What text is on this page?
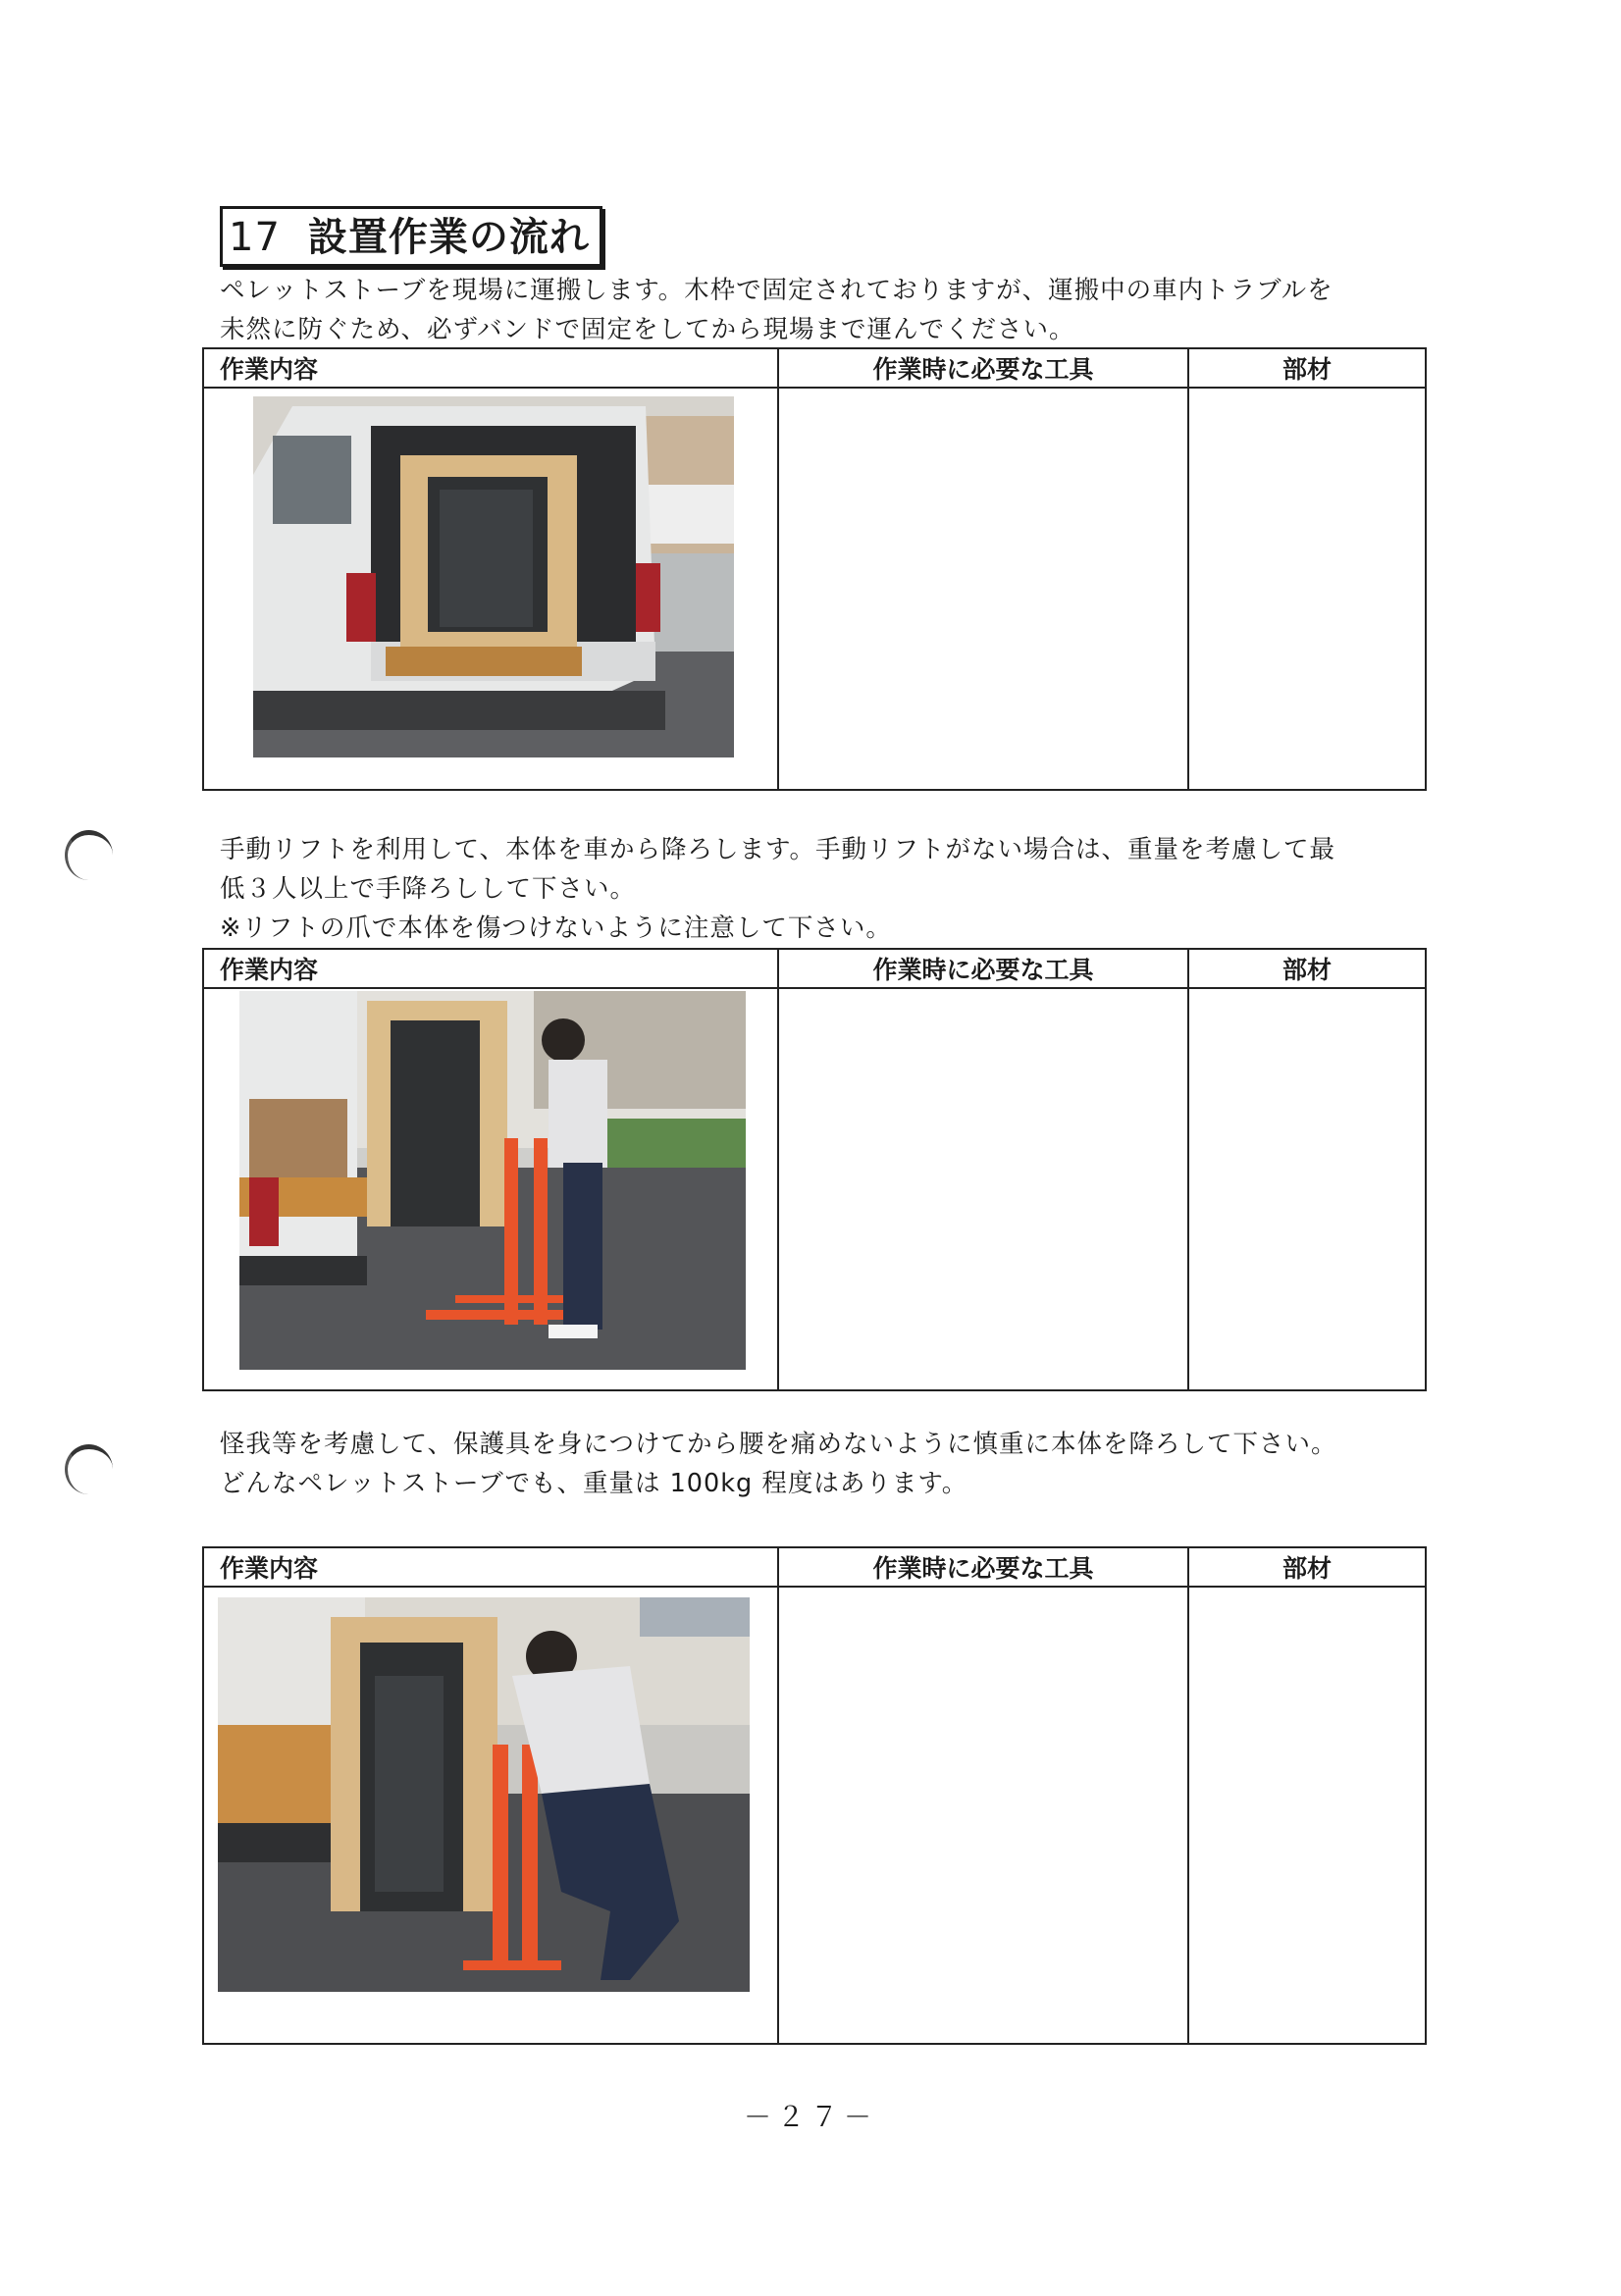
17 設置作業の流れ
ペレットストーブを現場に運搬します。木枠で固定されておりますが、運搬中の車内トラブルを
未然に防ぐため、必ずバンドで固定をしてから現場まで運んでください。
作業内容	作業時に必要な工具	部材

手動リフトを利用して、本体を車から降ろします。手動リフトがない場合は、重量を考慮して最
低３人以上で手降ろしして下さい。
※リフトの爪で本体を傷つけないように注意して下さい。
作業内容	作業時に必要な工具	部材

怪我等を考慮して、保護具を身につけてから腰を痛めないように慎重に本体を降ろして下さい。
どんなペレットストーブでも、重量は 100kg 程度はあります。
作業内容	作業時に必要な工具	部材

－２７－
